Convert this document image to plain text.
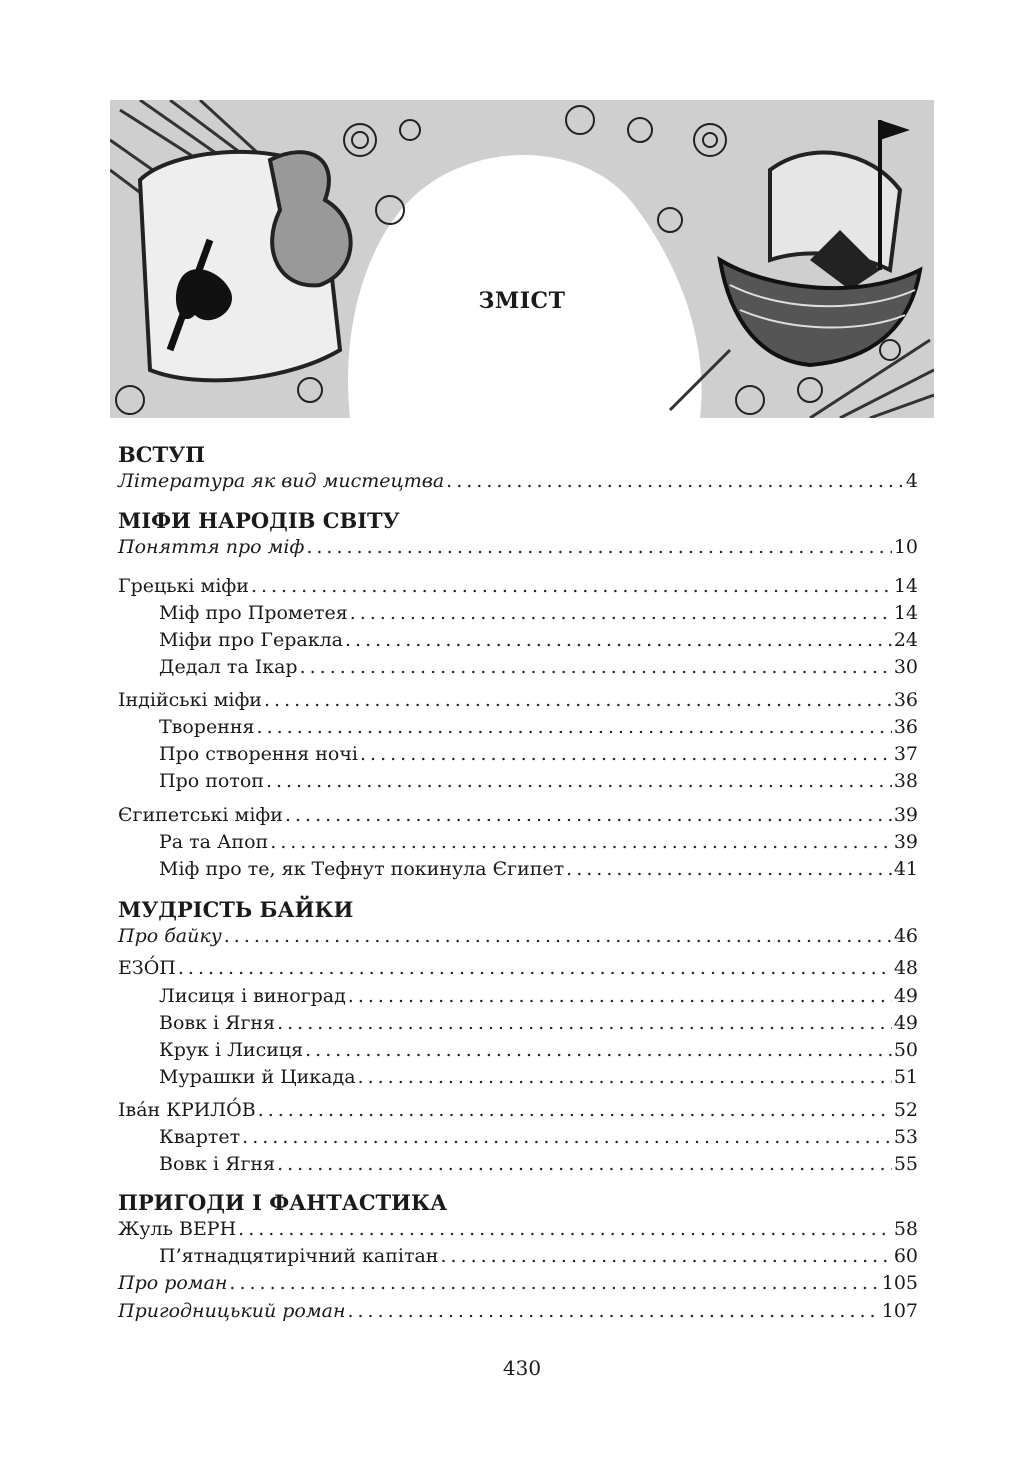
ЗМІСТ
ВСТУП
Література як вид мистецтва .....	4
МІФИ НАРОДІВ СВІТУ
Поняття про міф .....	10
Грецькі міфи .....	14
Міф про Прометея .....	14
Міфи про Геракла .....	24
Дедал та Ікар .....	30
Індійські міфи .....	36
Творення .....	36
Про створення ночі .....	37
Про потоп .....	38
Єгипетські міфи .....	39
Ра та Апоп .....	39
Міф про те, як Тефнут покинула Єгипет .....	41
МУДРІСТЬ БАЙКИ
Про байку .....	46
ЕЗО́П .....	48
Лисиця і виноград .....	49
Вовк і Ягня .....	49
Крук і Лисиця .....	50
Мурашки й Цикада .....	51
Іва́н КРИЛО́В .....	52
Квартет .....	53
Вовк і Ягня .....	55
ПРИГОДИ І ФАНТАСТИКА
Жуль ВЕРН .....	58
П’ятнадцятирічний капітан .....	60
Про роман .....	105
Пригодницький роман .....	107
430
